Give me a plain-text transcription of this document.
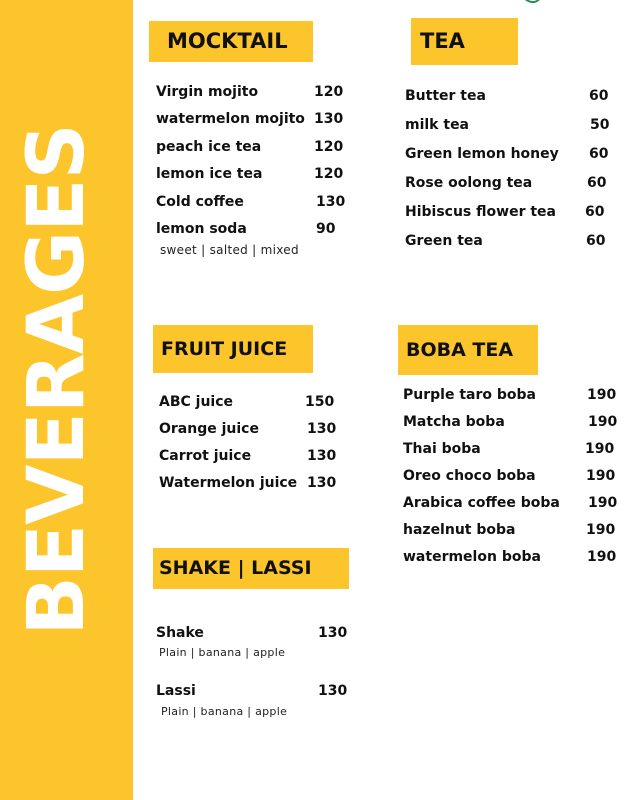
BEVERAGES
MOCKTAIL
Virgin mojito	120
watermelon mojito 130
peach ice tea	120
lemon ice tea	120
Cold coffee	130
lemon soda	90
sweet | salted | mixed
TEA
Butter tea	60
milk tea	50
Green lemon honey 60
Rose oolong tea	60
Hibiscus flower tea 60
Green tea	60
FRUIT JUICE
ABC juice	150
Orange juice	130
Carrot juice	130
Watermelon juice 130
BOBA TEA
Purple taro boba	190
Matcha boba	190
Thai boba	190
Oreo choco boba	190
Arabica coffee boba 190
hazelnut boba	190
watermelon boba	190
SHAKE | LASSI
Shake	130
Plain | banana | apple
Lassi	130
Plain | banana | apple
